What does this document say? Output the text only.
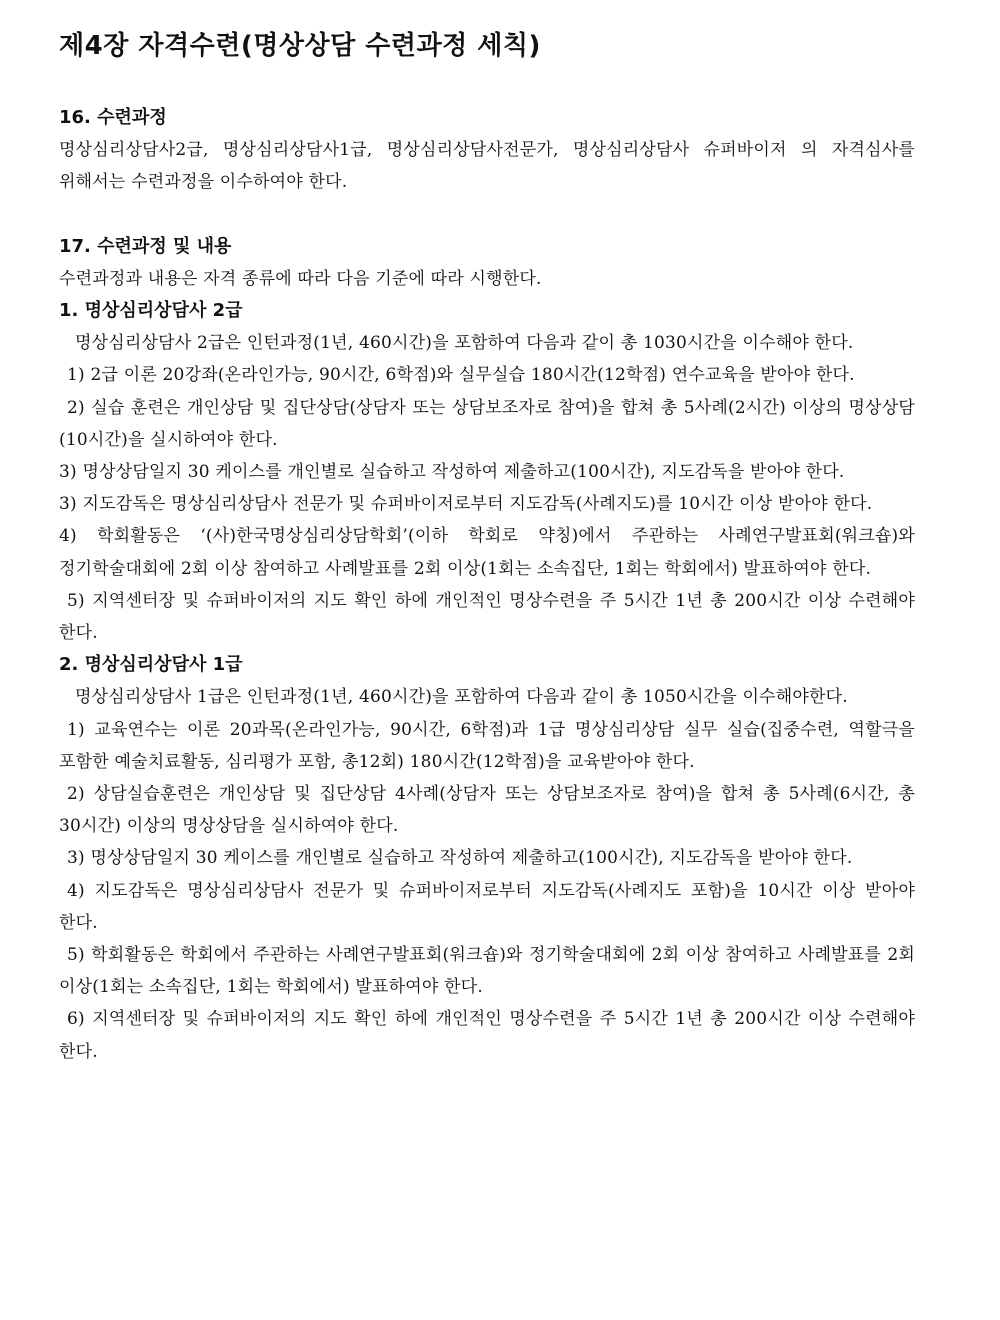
제4장 자격수련(명상상담 수련과정 세칙)

16. 수련과정

명상심리상담사2급, 명상심리상담사1급, 명상심리상담사전문가, 명상심리상담사 슈퍼바이저 의 자격심사를 위해서는 수련과정을 이수하여야 한다.

17. 수련과정 및 내용

수련과정과 내용은 자격 종류에 따라 다음 기준에 따라 시행한다.

1. 명상심리상담사 2급

명상심리상담사 2급은 인턴과정(1년, 460시간)을 포함하여 다음과 같이 총 1030시간을 이수해야 한다.

1) 2급 이론 20강좌(온라인가능, 90시간, 6학점)와 실무실습 180시간(12학점) 연수교육을 받아야 한다.

2) 실습 훈련은 개인상담 및 집단상담(상담자 또는 상담보조자로 참여)을 합쳐 총 5사례(2시간) 이상의 명상상담(10시간)을 실시하여야 한다.

3) 명상상담일지 30 케이스를 개인별로 실습하고 작성하여 제출하고(100시간), 지도감독을 받아야 한다.

3) 지도감독은 명상심리상담사 전문가 및 슈퍼바이저로부터 지도감독(사례지도)를 10시간 이상 받아야 한다.

4) 학회활동은 ‘(사)한국명상심리상담학회’(이하 학회로 약칭)에서 주관하는 사례연구발표회(워크숍)와 정기학술대회에 2회 이상 참여하고 사례발표를 2회 이상(1회는 소속집단, 1회는 학회에서) 발표하여야 한다.

5) 지역센터장 및 슈퍼바이저의 지도 확인 하에 개인적인 명상수련을 주 5시간 1년 총 200시간 이상 수련해야 한다.

2. 명상심리상담사 1급

명상심리상담사 1급은 인턴과정(1년, 460시간)을 포함하여 다음과 같이 총 1050시간을 이수해야한다.

1) 교육연수는 이론 20과목(온라인가능, 90시간, 6학점)과 1급 명상심리상담 실무 실습(집중수련, 역할극을 포함한 예술치료활동, 심리평가 포함, 총12회) 180시간(12학점)을 교육받아야 한다.

2) 상담실습훈련은 개인상담 및 집단상담 4사례(상담자 또는 상담보조자로 참여)을 합쳐 총 5사례(6시간, 총 30시간) 이상의 명상상담을 실시하여야 한다.

3) 명상상담일지 30 케이스를 개인별로 실습하고 작성하여 제출하고(100시간), 지도감독을 받아야 한다.

4) 지도감독은 명상심리상담사 전문가 및 슈퍼바이저로부터 지도감독(사례지도 포함)을 10시간 이상 받아야 한다.

5) 학회활동은 학회에서 주관하는 사례연구발표회(워크숍)와 정기학술대회에 2회 이상 참여하고 사례발표를 2회 이상(1회는 소속집단, 1회는 학회에서) 발표하여야 한다.

6) 지역센터장 및 슈퍼바이저의 지도 확인 하에 개인적인 명상수련을 주 5시간 1년 총 200시간 이상 수련해야 한다.
